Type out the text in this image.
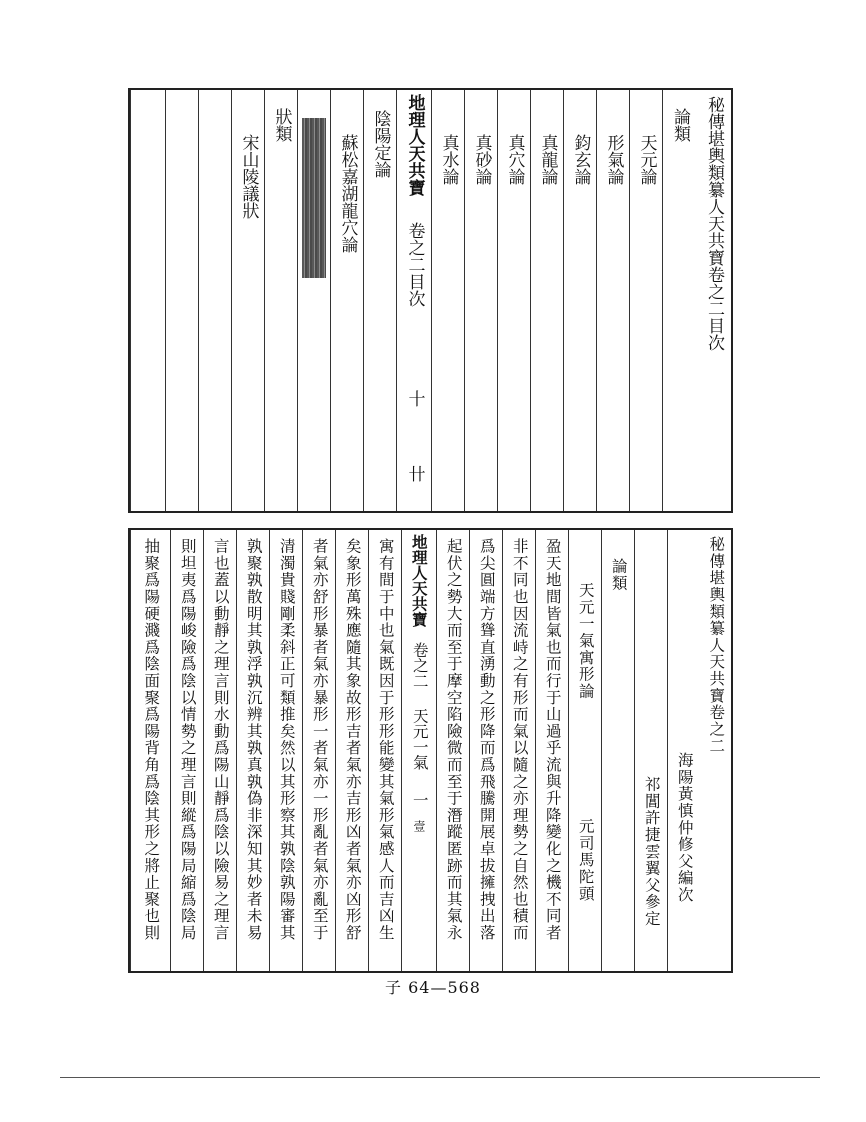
秘傳堪輿類纂人天共寶卷之二目次
論類
天元論
形氣論
鈞玄論
真龍論
真穴論
真砂論
真水論
地理人天共寶
卷之二目次
十
卄
陰陽定論
蘇松嘉湖龍穴論
狀類
宋山陵議狀
秘傳堪輿類纂人天共寶卷之二
海陽黃慎仲修父編次
祁閶許捷雲翼父參定
論類
天元一氣寓形論
元司馬陀頭
盈天地間皆氣也而行于山過乎流與升降變化之機不同者
非不同也因流峙之有形而氣以隨之亦理勢之自然也積而
爲尖圓端方聳直湧動之形降而爲飛騰開展卓拔擁拽出落
起伏之勢大而至于摩空陷險微而至于潛蹤匿跡而其氣永
地理人天共寶
卷之二
天元一氣
一
壹
寓有間于中也氣既因于形形能變其氣形氣感人而吉凶生
矣象形萬殊應隨其象故形吉者氣亦吉形凶者氣亦凶形舒
者氣亦舒形暴者氣亦暴形一者氣亦一形亂者氣亦亂至于
清濁貴賤剛柔斜正可類推矣然以其形察其孰陰孰陽審其
孰聚孰散明其孰浮孰沉辨其孰真孰偽非深知其妙者未易
言也蓋以動靜之理言則水動爲陽山靜爲陰以險易之理言
則坦夷爲陽峻險爲陰以情勢之理言則縱爲陽局縮爲陰局
抽聚爲陽硬濺爲陰面聚爲陽背角爲陰其形之將止聚也則
子 64—568
